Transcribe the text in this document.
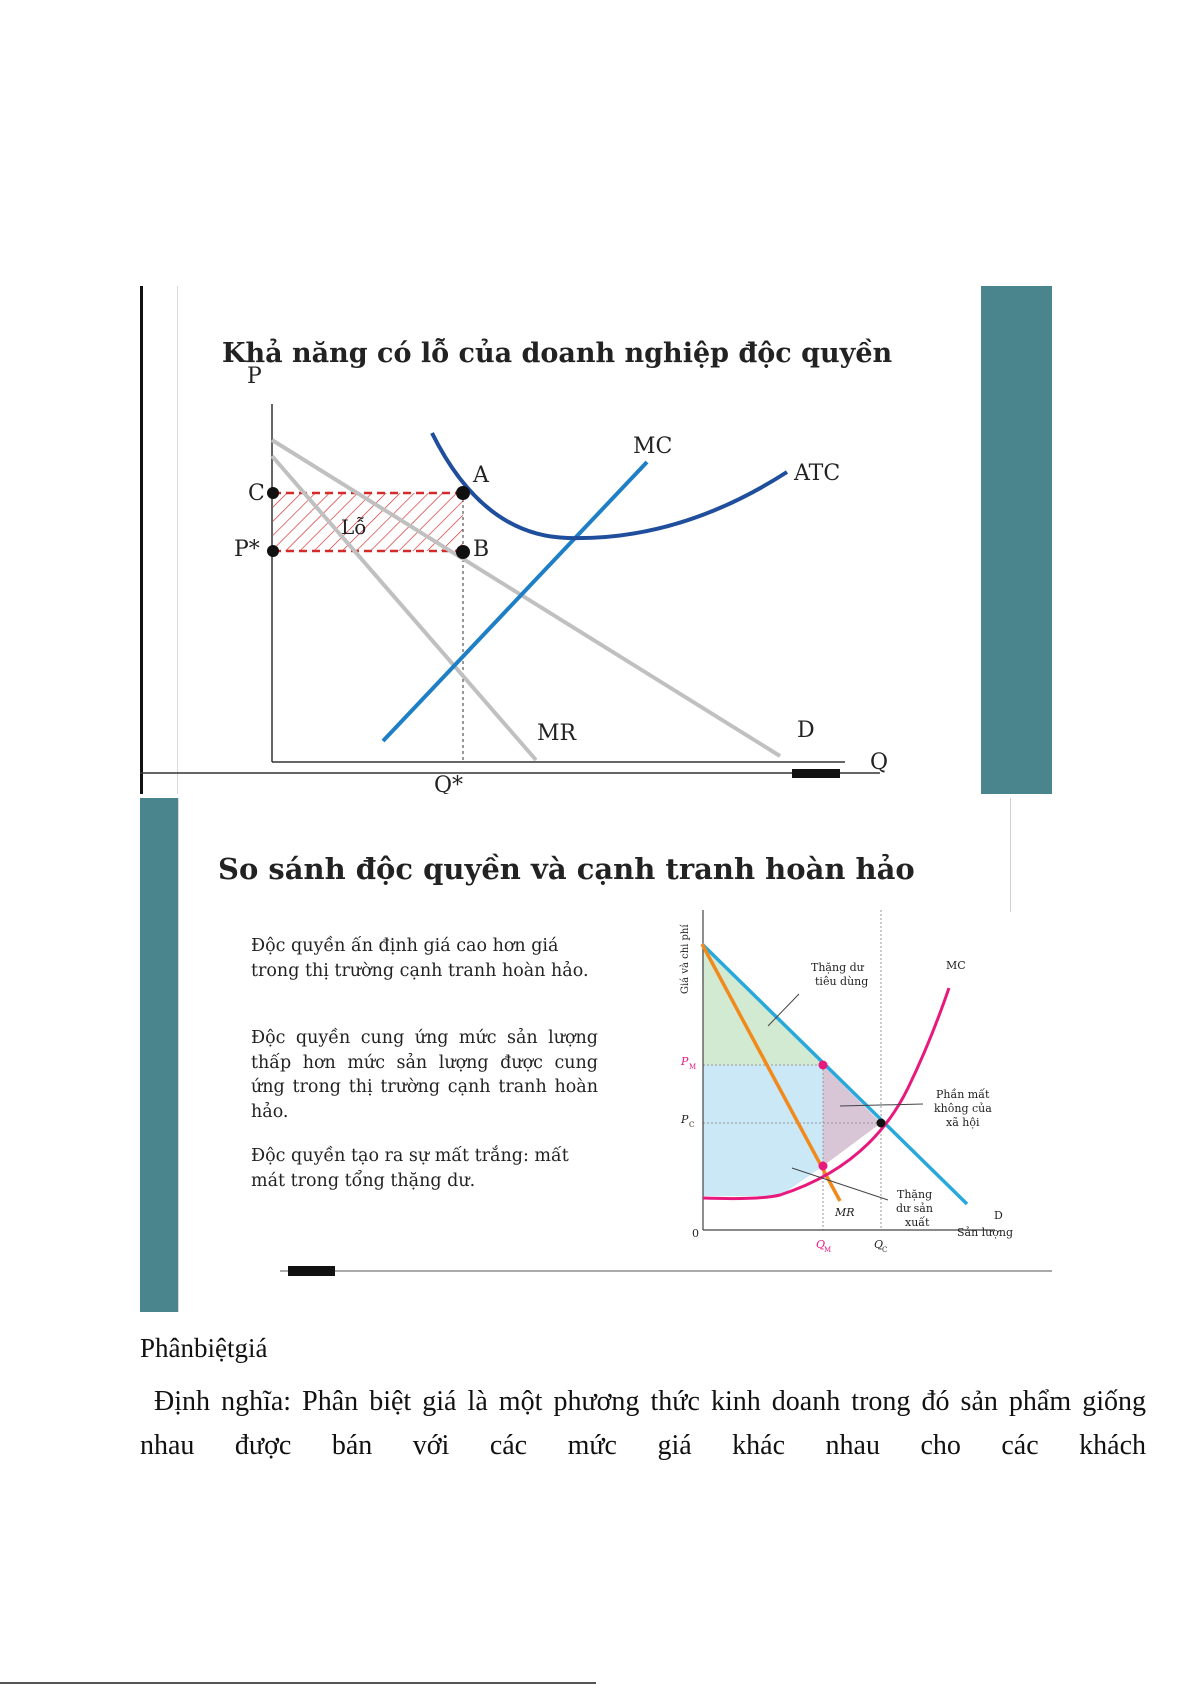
Khả năng có lỗ của doanh nghiệp độc quyền
P
Q
C
P*
Q*
A
B
Lỗ
MC
ATC
MR	D
So sánh độc quyền và cạnh tranh hoàn hảo
Độc quyền ấn định giá cao hơn giá trong thị trường cạnh tranh hoàn hảo.
Độc quyền cung ứng mức sản lượng thấp hơn mức sản lượng được cung ứng trong thị trường cạnh tranh hoàn hảo.
Độc quyền tạo ra sự mất trắng: mất mát trong tổng thặng dư.
Giá và chi phí
Sản lượng
0
Thặng dư
tiêu dùng
Phần mất
không của
xã hội
Thặng
dư sản
xuất
MC
MR	D
P M
P C
Q
M	Q
C
Phânbiệtgiá
Định nghĩa: Phân biệt giá là một phương thức kinh doanh trong đó sản phẩm giống nhau được bán với các mức giá khác nhau cho các khách
